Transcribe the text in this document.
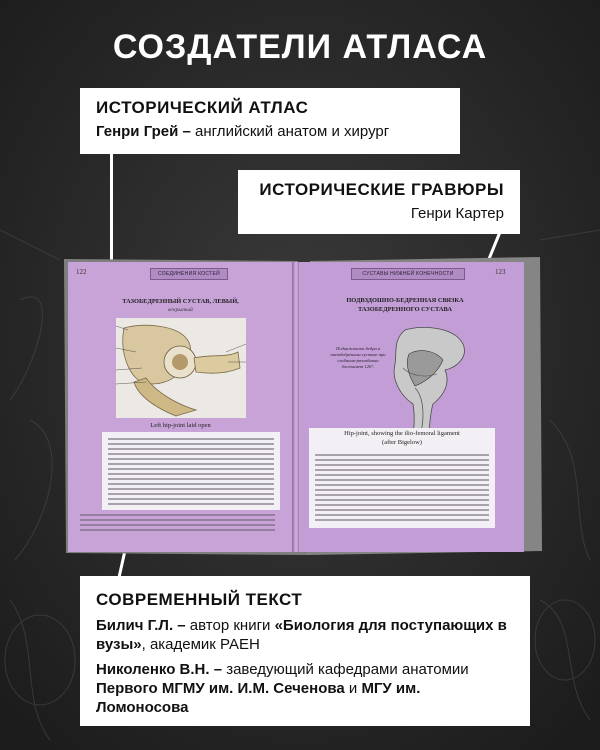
СОЗДАТЕЛИ АТЛАСА
122	СОЕДИНЕНИЯ КОСТЕЙ
ТАЗОБЕДРЕННЫЙ СУСТАВ, ЛЕВЫЙ,
вскрытый
Left hip-joint laid open
123
СУСТАВЫ НИЖНЕЙ КОНЕЧНОСТИ
ПОДВЗДОШНО-БЕДРЕННАЯ СВЯЗКА ТАЗОБЕДРЕННОГО СУСТАВА
Подвижность бедра в тазобедренном суставе при сгибании-разгибании достигает 120°.
Hip-joint, showing the ilio-femoral ligament
(after Bigelow)
ИСТОРИЧЕСКИЙ АТЛАС
Генри Грей – английский анатом и хирург
ИСТОРИЧЕСКИЕ ГРАВЮРЫ
Генри Картер
СОВРЕМЕННЫЙ ТЕКСТ
Билич Г.Л. – автор книги «Биология для поступающих в вузы», академик РАЕН
Николенко В.Н. – заведующий кафедрами анатомии Первого МГМУ им. И.М. Сеченова и МГУ им. Ломоносова
